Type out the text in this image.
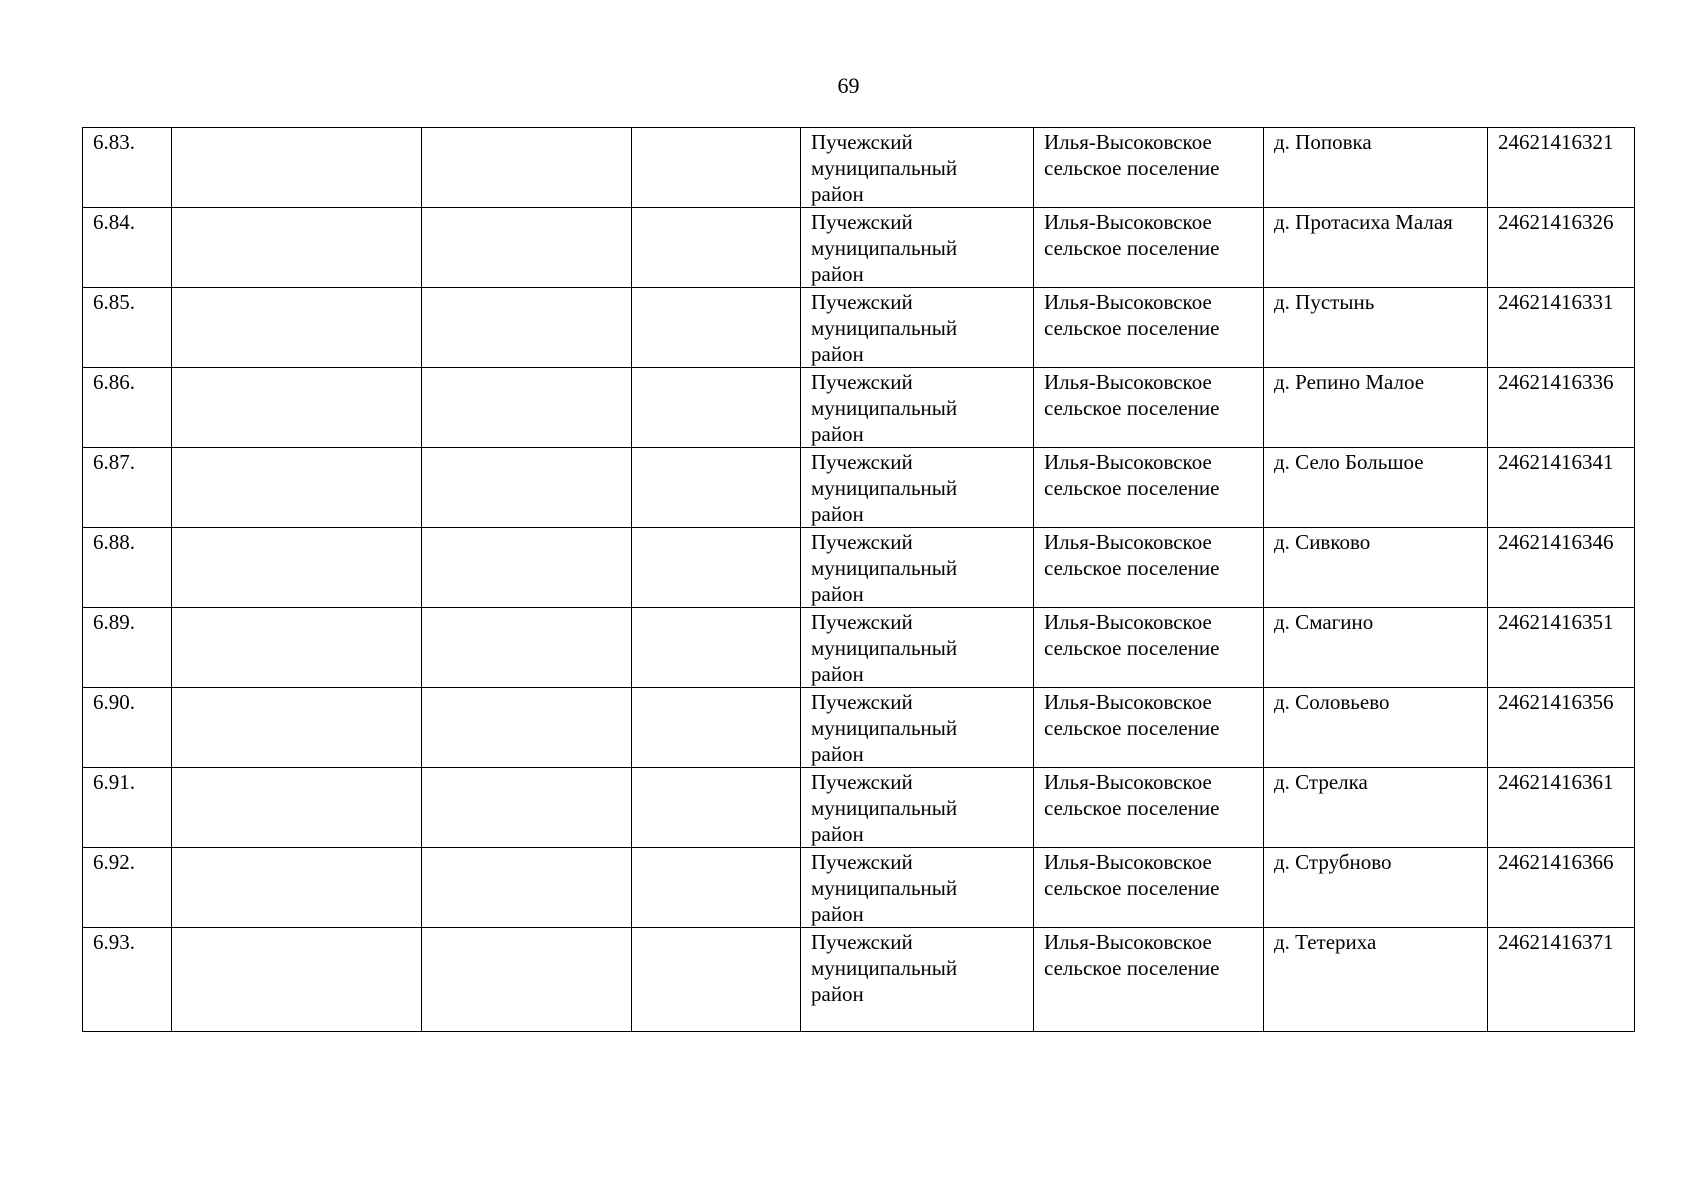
69
6.83.				Пучежский
муниципальный
район	Илья-Высоковское
сельское поселение	д. Поповка	24621416321
6.84.				Пучежский
муниципальный
район	Илья-Высоковское
сельское поселение	д. Протасиха Малая	24621416326
6.85.				Пучежский
муниципальный
район	Илья-Высоковское
сельское поселение	д. Пустынь	24621416331
6.86.				Пучежский
муниципальный
район	Илья-Высоковское
сельское поселение	д. Репино Малое	24621416336
6.87.				Пучежский
муниципальный
район	Илья-Высоковское
сельское поселение	д. Село Большое	24621416341
6.88.				Пучежский
муниципальный
район	Илья-Высоковское
сельское поселение	д. Сивково	24621416346
6.89.				Пучежский
муниципальный
район	Илья-Высоковское
сельское поселение	д. Смагино	24621416351
6.90.				Пучежский
муниципальный
район	Илья-Высоковское
сельское поселение	д. Соловьево	24621416356
6.91.				Пучежский
муниципальный
район	Илья-Высоковское
сельское поселение	д. Стрелка	24621416361
6.92.				Пучежский
муниципальный
район	Илья-Высоковское
сельское поселение	д. Струбново	24621416366
6.93.				Пучежский
муниципальный
район	Илья-Высоковское
сельское поселение	д. Тетериха	24621416371
